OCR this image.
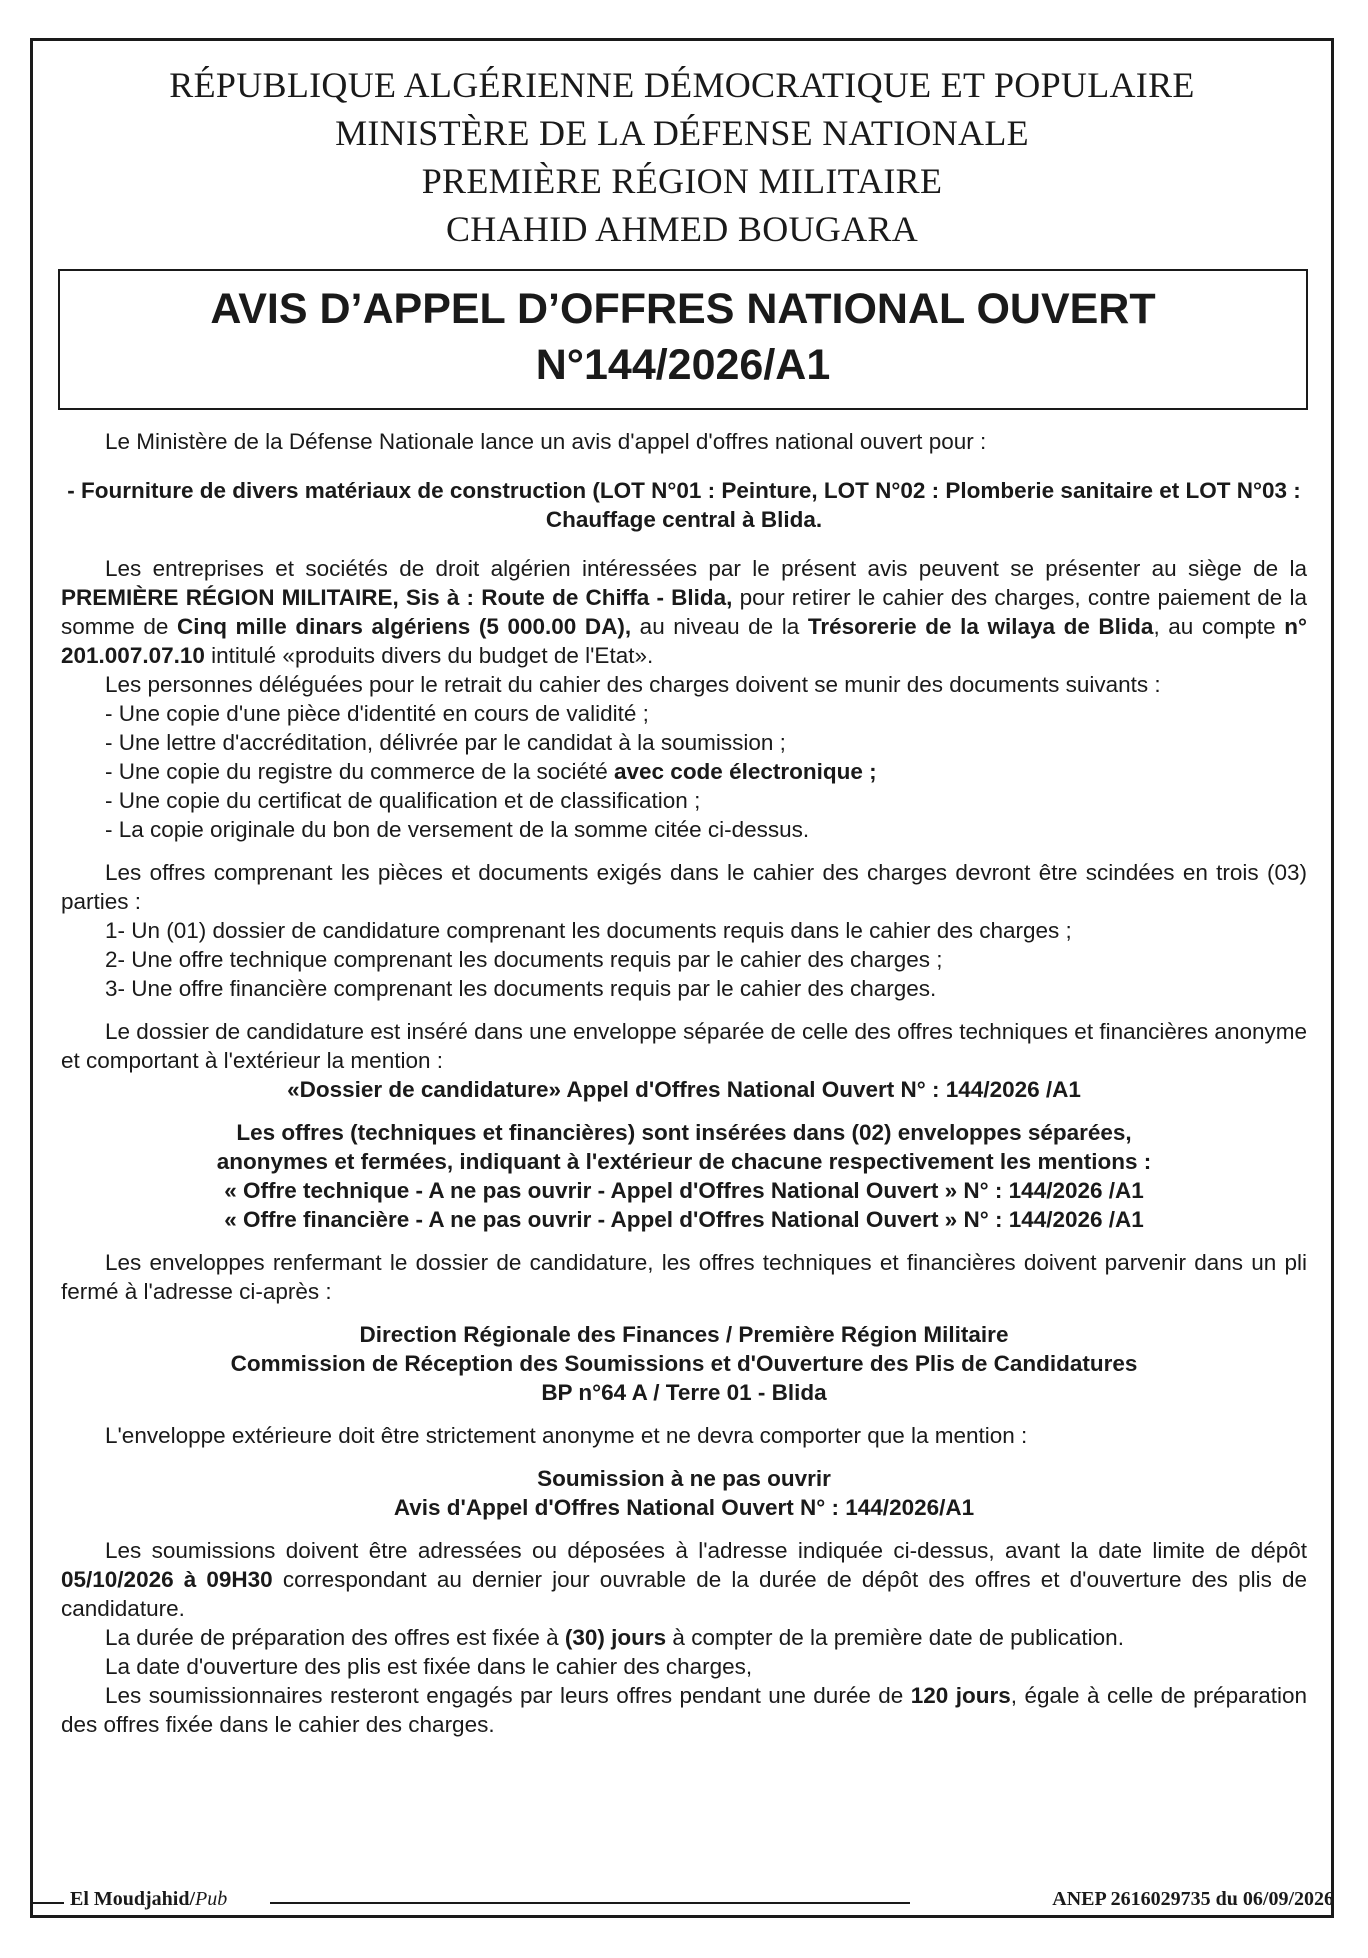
RÉPUBLIQUE ALGÉRIENNE DÉMOCRATIQUE ET POPULAIRE
MINISTÈRE DE LA DÉFENSE NATIONALE
PREMIÈRE RÉGION MILITAIRE
CHAHID AHMED BOUGARA
AVIS D’APPEL D’OFFRES NATIONAL OUVERT
N°144/2026/A1

Le Ministère de la Défense Nationale lance un avis d'appel d'offres national ouvert pour :

- Fourniture de divers matériaux de construction (LOT N°01 : Peinture, LOT N°02 : Plomberie sanitaire et LOT N°03 : Chauffage central à Blida.

Les entreprises et sociétés de droit algérien intéressées par le présent avis peuvent se présenter au siège de la PREMIÈRE RÉGION MILITAIRE, Sis à : Route de Chiffa - Blida, pour retirer le cahier des charges, contre paiement de la somme de Cinq mille dinars algériens (5 000.00 DA), au niveau de la Trésorerie de la wilaya de Blida, au compte n° 201.007.07.10 intitulé «produits divers du budget de l'Etat».

Les personnes déléguées pour le retrait du cahier des charges doivent se munir des documents suivants :

- Une copie d'une pièce d'identité en cours de validité ;

- Une lettre d'accréditation, délivrée par le candidat à la soumission ;

- Une copie du registre du commerce de la société avec code électronique ;

- Une copie du certificat de qualification et de classification ;

- La copie originale du bon de versement de la somme citée ci-dessus.

Les offres comprenant les pièces et documents exigés dans le cahier des charges devront être scindées en trois (03) parties :

1- Un (01) dossier de candidature comprenant les documents requis dans le cahier des charges ;

2- Une offre technique comprenant les documents requis par le cahier des charges ;

3- Une offre financière comprenant les documents requis par le cahier des charges.

Le dossier de candidature est inséré dans une enveloppe séparée de celle des offres techniques et financières anonyme et comportant à l'extérieur la mention :

«Dossier de candidature» Appel d'Offres National Ouvert N° : 144/2026 /A1

Les offres (techniques et financières) sont insérées dans (02) enveloppes séparées,

anonymes et fermées, indiquant à l'extérieur de chacune respectivement les mentions :

« Offre technique - A ne pas ouvrir - Appel d'Offres National Ouvert » N° : 144/2026 /A1

« Offre financière - A ne pas ouvrir - Appel d'Offres National Ouvert » N° : 144/2026 /A1

Les enveloppes renfermant le dossier de candidature, les offres techniques et financières doivent parvenir dans un pli fermé à l'adresse ci-après :

Direction Régionale des Finances / Première Région Militaire

Commission de Réception des Soumissions et d'Ouverture des Plis de Candidatures

BP n°64 A / Terre 01 - Blida

L'enveloppe extérieure doit être strictement anonyme et ne devra comporter que la mention :

Soumission à ne pas ouvrir

Avis d'Appel d'Offres National Ouvert N° : 144/2026/A1

Les soumissions doivent être adressées ou déposées à l'adresse indiquée ci-dessus, avant la date limite de dépôt 05/10/2026 à 09H30 correspondant au dernier jour ouvrable de la durée de dépôt des offres et d'ouverture des plis de candidature.

La durée de préparation des offres est fixée à (30) jours à compter de la première date de publication.

La date d'ouverture des plis est fixée dans le cahier des charges,

Les soumissionnaires resteront engagés par leurs offres pendant une durée de 120 jours, égale à celle de préparation des offres fixée dans le cahier des charges.

El Moudjahid/Pub	ANEP 2616029735 du 06/09/2026
